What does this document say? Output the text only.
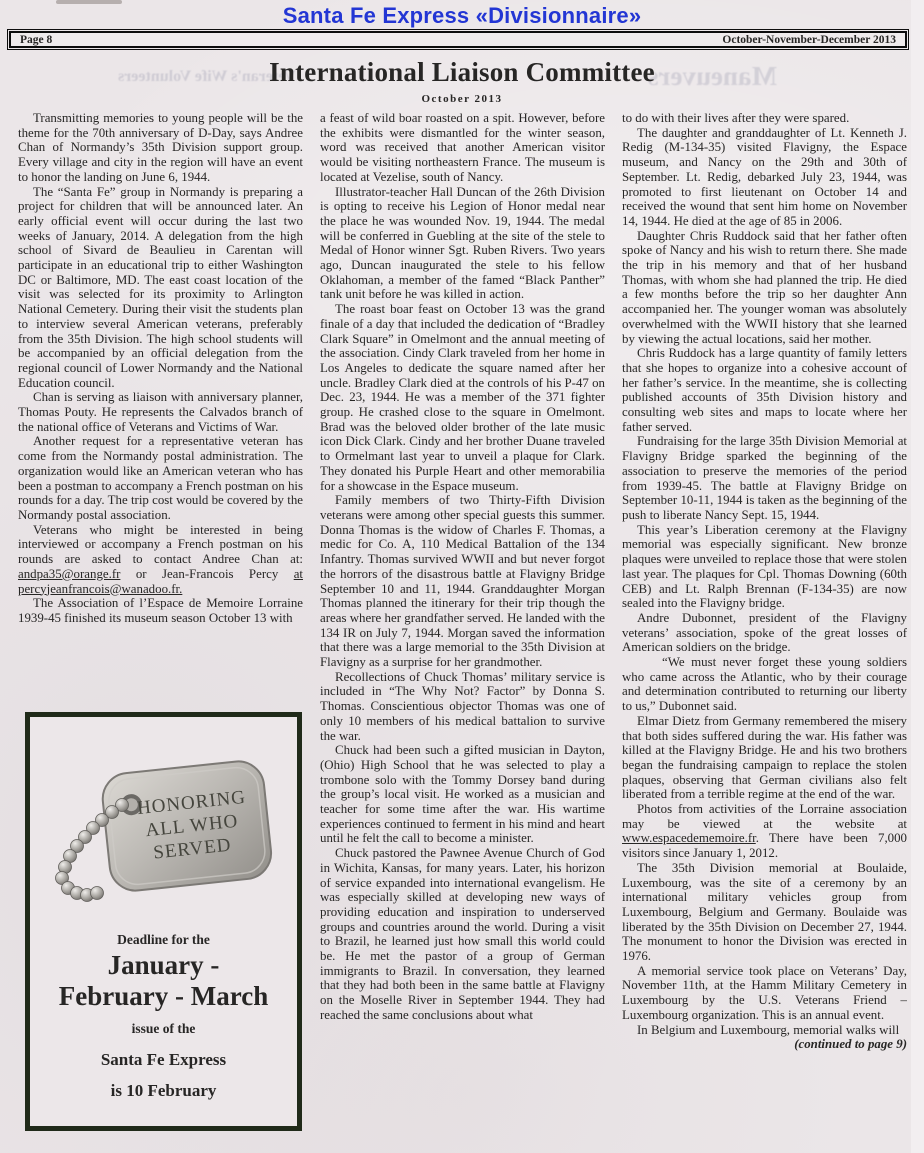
Veteran's Wife Volunteers	Maneuvers
Santa Fe Express «Divisionnaire»
Page 8	October-November-December 2013
International Liaison Committee
October 2013

Transmitting memories to young people will be the theme for the 70th anniversary of D-Day, says Andree Chan of Normandy’s 35th Division support group. Every village and city in the region will have an event to honor the landing on June 6, 1944.

The “Santa Fe” group in Normandy is preparing a project for children that will be announced later. An early official event will occur during the last two weeks of January, 2014. A delegation from the high school of Sivard de Beaulieu in Carentan will participate in an educational trip to either Washington DC or Baltimore, MD. The east coast location of the visit was selected for its proximity to Arlington National Cemetery. During their visit the students plan to interview several American veterans, preferably from the 35th Division. The high school students will be accompanied by an official delegation from the regional council of Lower Normandy and the National Education council.

Chan is serving as liaison with anniversary planner, Thomas Pouty. He represents the Calvados branch of the national office of Veterans and Victims of War.

Another request for a representative veteran has come from the Normandy postal administration. The organization would like an American veteran who has been a postman to accompany a French postman on his rounds for a day. The trip cost would be covered by the Normandy postal association.

Veterans who might be interested in being interviewed or accompany a French postman on his rounds are asked to contact Andree Chan at: andpa35@orange.fr or Jean-Francois Percy at percyjeanfrancois@wanadoo.fr.

The Association of l’Espace de Memoire Lorraine 1939-45 finished its museum season October 13 with

a feast of wild boar roasted on a spit. However, before the exhibits were dismantled for the winter season, word was received that another American visitor would be visiting northeastern France. The museum is located at Vezelise, south of Nancy.

Illustrator-teacher Hall Duncan of the 26th Division is opting to receive his Legion of Honor medal near the place he was wounded Nov. 19, 1944. The medal will be conferred in Guebling at the site of the stele to Medal of Honor winner Sgt. Ruben Rivers. Two years ago, Duncan inaugurated the stele to his fellow Oklahoman, a member of the famed “Black Panther” tank unit before he was killed in action.

The roast boar feast on October 13 was the grand finale of a day that included the dedication of “Bradley Clark Square” in Omelmont and the annual meeting of the association. Cindy Clark traveled from her home in Los Angeles to dedicate the square named after her uncle. Bradley Clark died at the controls of his P-47 on Dec. 23, 1944. He was a member of the 371 fighter group. He crashed close to the square in Omelmont. Brad was the beloved older brother of the late music icon Dick Clark. Cindy and her brother Duane traveled to Ormelmant last year to unveil a plaque for Clark. They donated his Purple Heart and other memorabilia for a showcase in the Espace museum.

Family members of two Thirty-Fifth Division veterans were among other special guests this summer. Donna Thomas is the widow of Charles F. Thomas, a medic for Co. A, 110 Medical Battalion of the 134 Infantry. Thomas survived WWII and but never forgot the horrors of the disastrous battle at Flavigny Bridge September 10 and 11, 1944. Granddaughter Morgan Thomas planned the itinerary for their trip though the areas where her grandfather served. He landed with the 134 IR on July 7, 1944. Morgan saved the information that there was a large memorial to the 35th Division at Flavigny as a surprise for her grandmother.

Recollections of Chuck Thomas’ military service is included in “The Why Not? Factor” by Donna S. Thomas. Conscientious objector Thomas was one of only 10 members of his medical battalion to survive the war.

Chuck had been such a gifted musician in Dayton, (Ohio) High School that he was selected to play a trombone solo with the Tommy Dorsey band during the group’s local visit. He worked as a musician and teacher for some time after the war. His wartime experiences continued to ferment in his mind and heart until he felt the call to become a minister.

Chuck pastored the Pawnee Avenue Church of God in Wichita, Kansas, for many years. Later, his horizon of service expanded into international evangelism. He was especially skilled at developing new ways of providing education and inspiration to underserved groups and countries around the world. During a visit to Brazil, he learned just how small this world could be. He met the pastor of a group of German immigrants to Brazil. In conversation, they learned that they had both been in the same battle at Flavigny on the Moselle River in September 1944. They had reached the same conclusions about what

to do with their lives after they were spared.

The daughter and granddaughter of Lt. Kenneth J. Redig (M-134-35) visited Flavigny, the Espace museum, and Nancy on the 29th and 30th of September. Lt. Redig, debarked July 23, 1944, was promoted to first lieutenant on October 14 and received the wound that sent him home on November 14, 1944. He died at the age of 85 in 2006.

Daughter Chris Ruddock said that her father often spoke of Nancy and his wish to return there. She made the trip in his memory and that of her husband Thomas, with whom she had planned the trip. He died a few months before the trip so her daughter Ann accompanied her. The younger woman was absolutely overwhelmed with the WWII history that she learned by viewing the actual locations, said her mother.

Chris Ruddock has a large quantity of family letters that she hopes to organize into a cohesive account of her father’s service. In the meantime, she is collecting published accounts of 35th Division history and consulting web sites and maps to locate where her father served.

Fundraising for the large 35th Division Memorial at Flavigny Bridge sparked the beginning of the association to preserve the memories of the period from 1939-45. The battle at Flavigny Bridge on September 10-11, 1944 is taken as the beginning of the push to liberate Nancy Sept. 15, 1944.

This year’s Liberation ceremony at the Flavigny memorial was especially significant. New bronze plaques were unveiled to replace those that were stolen last year. The plaques for Cpl. Thomas Downing (60th CEB) and Lt. Ralph Brennan (F-134-35) are now sealed into the Flavigny bridge.

Andre Dubonnet, president of the Flavigny veterans’ association, spoke of the great losses of American soldiers on the bridge.

“We must never forget these young soldiers who came across the Atlantic, who by their courage and determination contributed to returning our liberty to us,” Dubonnet said.

Elmar Dietz from Germany remembered the misery that both sides suffered during the war. His father was killed at the Flavigny Bridge. He and his two brothers began the fundraising campaign to replace the stolen plaques, observing that German civilians also felt liberated from a terrible regime at the end of the war.

Photos from activities of the Lorraine association may be viewed at the website at www.espacedememoire.fr. There have been 7,000 visitors since January 1, 2012.

The 35th Division memorial at Boulaide, Luxembourg, was the site of a ceremony by an international military vehicles group from Luxembourg, Belgium and Germany. Boulaide was liberated by the 35th Division on December 27, 1944. The monument to honor the Division was erected in 1976.

A memorial service took place on Veterans’ Day, November 11th, at the Hamm Military Cemetery in Luxembourg by the U.S. Veterans Friend – Luxembourg organization. This is an annual event.

In Belgium and Luxembourg, memorial walks will

(continued to page 9)

HONORING
ALL WHO
SERVED
Deadline for the
January -
February - March
issue of the
Santa Fe Express
is 10 February
